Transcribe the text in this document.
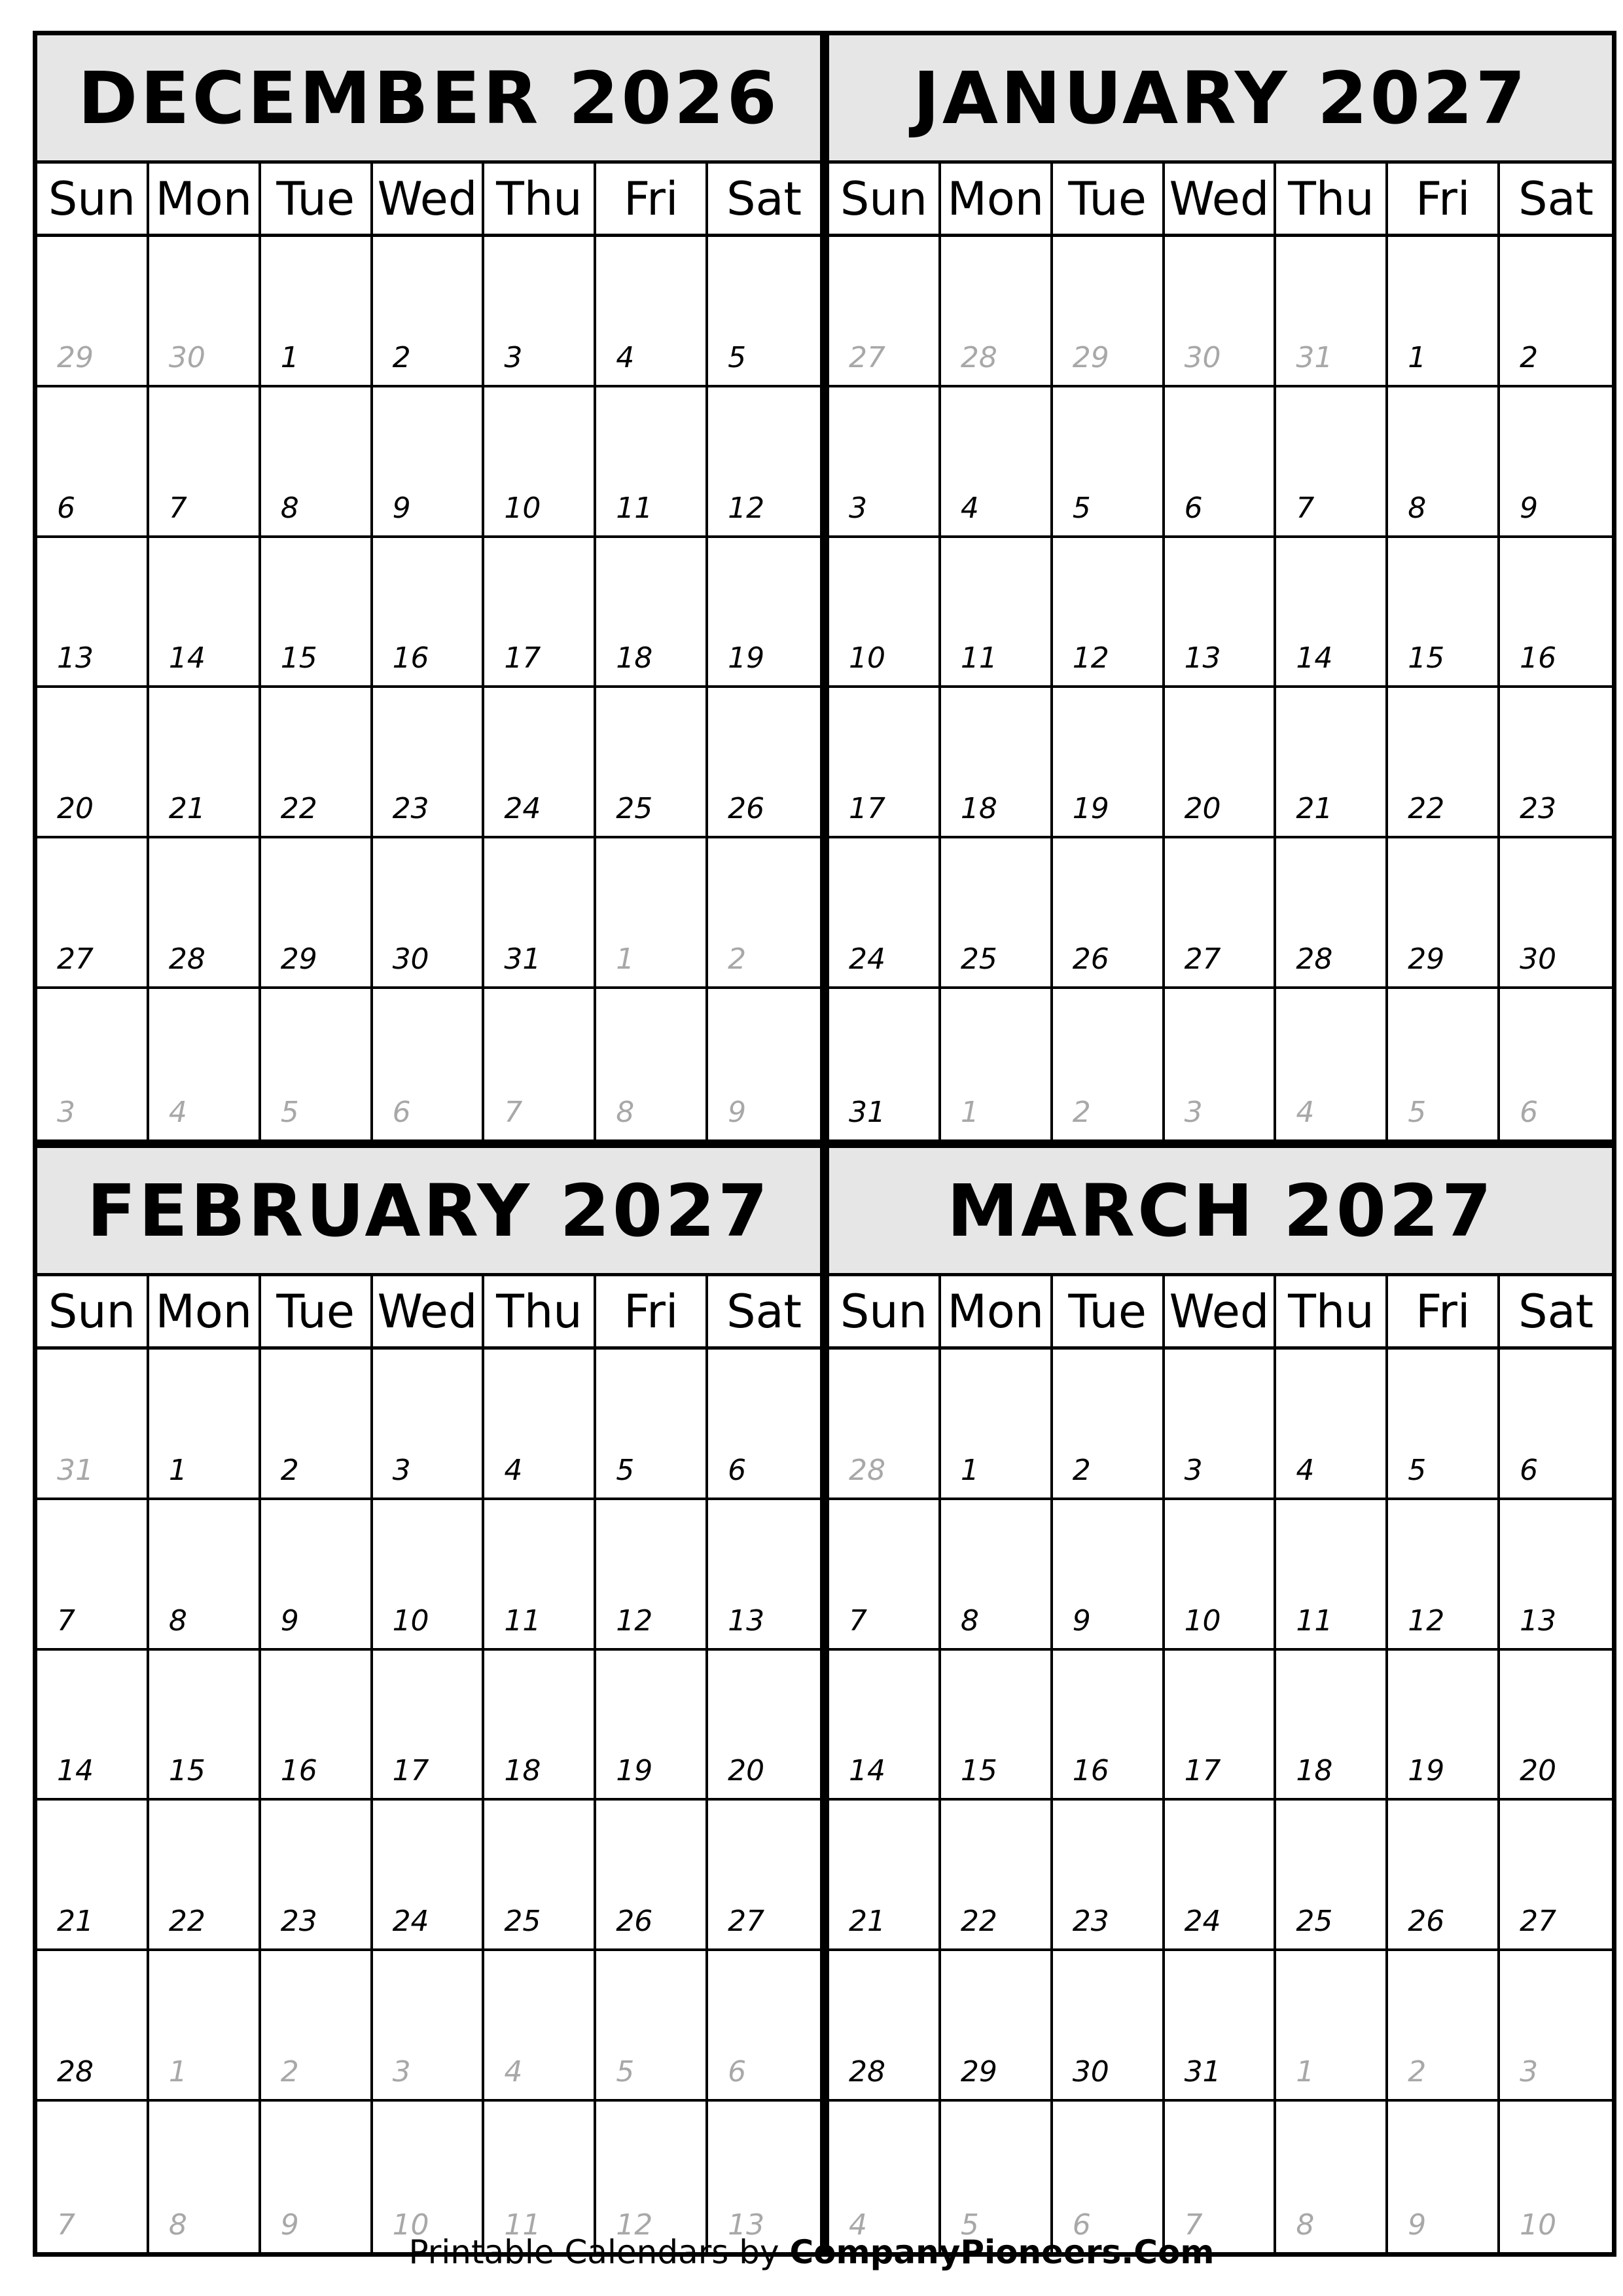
DECEMBER 2026
Sun Mon Tue Wed Thu Fri	Sat
29	30	1	2	3	4	5
6	7	8	9	10	11	12
13	14	15	16	17	18	19
20	21	22	23	24	25	26
27	28	29	30	31	1	2
3	4	5	6	7	8	9
JANUARY 2027
Sun Mon Tue Wed Thu Fri	Sat
27	28	29	30	31	1	2
3	4	5	6	7	8	9
10	11	12	13	14	15	16
17	18	19	20	21	22	23
24	25	26	27	28	29	30
31	1	2	3	4	5	6
FEBRUARY 2027
Sun Mon Tue Wed Thu Fri	Sat
31	1	2	3	4	5	6
7	8	9	10	11	12	13
14	15	16	17	18	19	20
21	22	23	24	25	26	27
28	1	2	3	4	5	6
7	8	9	10	11	12	13
MARCH 2027
Sun Mon Tue Wed Thu Fri	Sat
28	1	2	3	4	5	6
7	8	9	10	11	12	13
14	15	16	17	18	19	20
21	22	23	24	25	26	27
28	29	30	31	1	2	3
4	5	6	7	8	9	10
Printable Calendars by CompanyPioneers.Com
